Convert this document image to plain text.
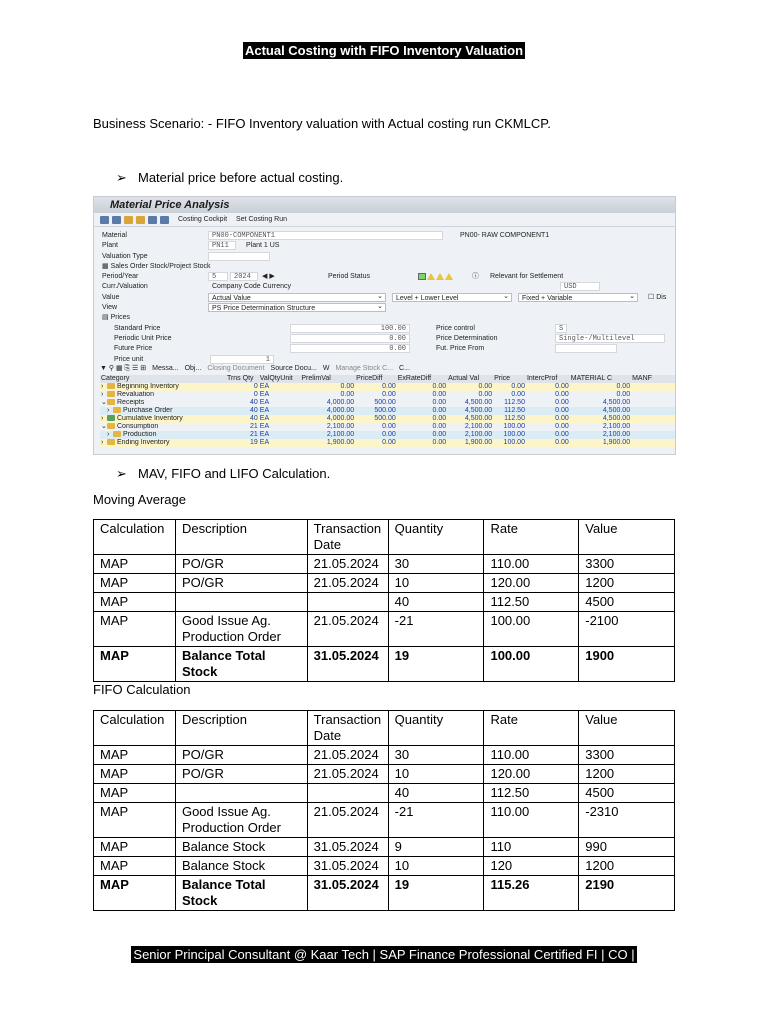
Actual Costing with FIFO Inventory Valuation
Business Scenario: - FIFO Inventory valuation with Actual costing run CKMLCP.
➢ Material price before actual costing.
Material Price Analysis
Costing Cockpit Set Costing Run
Material	PN00-COMPONENT1	PN00- RAW COMPONENT1
Plant	PN11	Plant 1 US
Valuation Type
▦ Sales Order Stock/Project Stock
Period/Year	5	2024	◀ ▶	Period Status	ⓘ Relevant for Settlement
Curr./Valuation	Company Code Currency	USD
Value	Actual Value ⌄	Level + Lower Level ⌄	Fixed + Variable ⌄	☐ Dis
View	PS Price Determination Structure ⌄
▤ Prices
Standard Price	100.00	Price control	S
Periodic Unit Price	0.00	Price Determination	Single-/Multilevel
Future Price	0.00	Fut. Price From
Price unit	1
▼ ⚲ ▦ ⎘ ☰ ⊞ Messa... Obj... Closing Document Source Docu... W Manage Stock C... C...
Category	Trns Qty	ValQtyUnit	PrelimVal	PriceDiff	ExRateDiff	Actual Val	Price	IntercProf	MATERIAL C	MANF
› Beginning Inventory	0	EA	0.00	0.00	0.00	0.00	0.00	0.00	0.00	
› Revaluation	0	EA	0.00	0.00	0.00	0.00	0.00	0.00	0.00	
⌄ Receipts	40	EA	4,000.00	500.00	0.00	4,500.00	112.50	0.00	4,500.00	
› Purchase Order	40	EA	4,000.00	500.00	0.00	4,500.00	112.50	0.00	4,500.00	
› Cumulative Inventory	40	EA	4,000.00	500.00	0.00	4,500.00	112.50	0.00	4,500.00	
⌄ Consumption	21	EA	2,100.00	0.00	0.00	2,100.00	100.00	0.00	2,100.00	
› Production	21	EA	2,100.00	0.00	0.00	2,100.00	100.00	0.00	2,100.00	
› Ending Inventory	19	EA	1,900.00	0.00	0.00	1,900.00	100.00	0.00	1,900.00	
➢ MAV, FIFO and LIFO Calculation.
Moving Average
Calculation	Description	Transaction Date	Quantity	Rate	Value
MAP	PO/GR	21.05.2024	30	110.00	3300
MAP	PO/GR	21.05.2024	10	120.00	1200
MAP			40	112.50	4500
MAP	Good Issue Ag. Production Order	21.05.2024	-21	100.00	-2100
MAP	Balance Total Stock	31.05.2024	19	100.00	1900
FIFO Calculation
Calculation	Description	Transaction Date	Quantity	Rate	Value
MAP	PO/GR	21.05.2024	30	110.00	3300
MAP	PO/GR	21.05.2024	10	120.00	1200
MAP			40	112.50	4500
MAP	Good Issue Ag. Production Order	21.05.2024	-21	110.00	-2310
MAP	Balance Stock	31.05.2024	9	110	990
MAP	Balance Stock	31.05.2024	10	120	1200
MAP	Balance Total Stock	31.05.2024	19	115.26	2190
Senior Principal Consultant @ Kaar Tech | SAP Finance Professional Certified FI | CO |
